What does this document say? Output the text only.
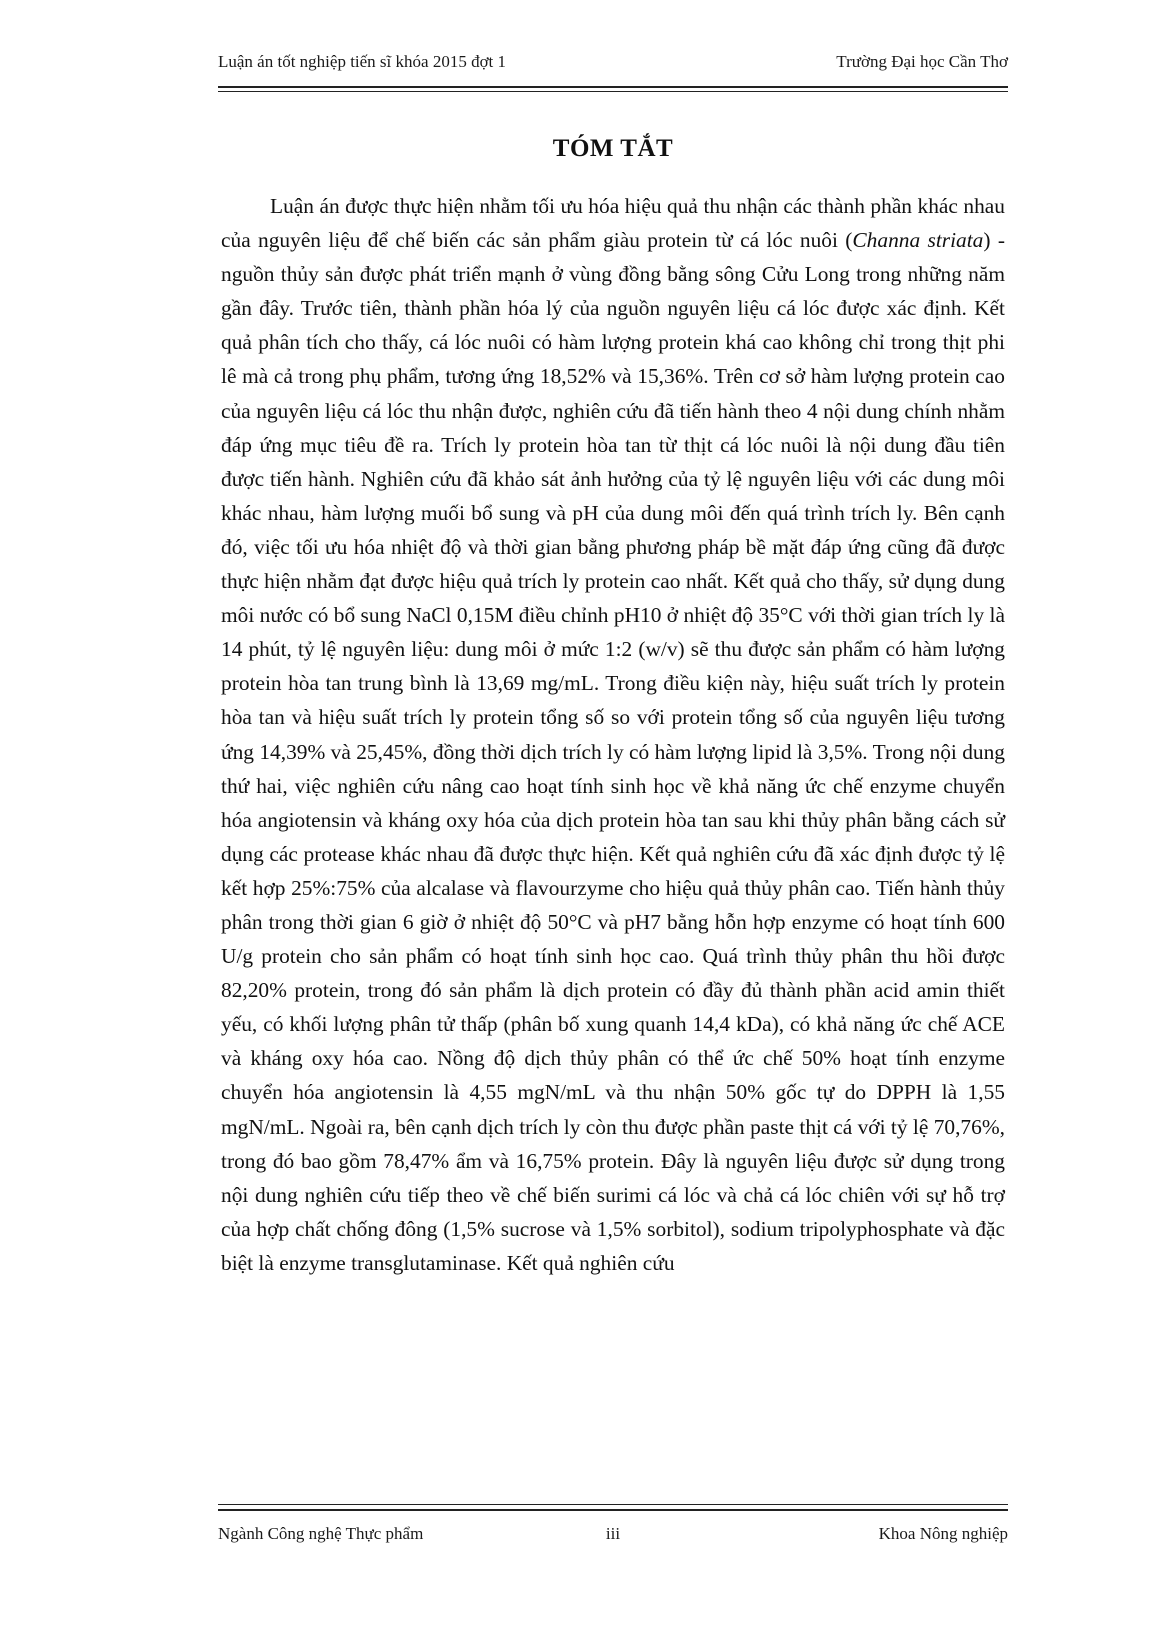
Luận án tốt nghiệp tiến sĩ khóa 2015 đợt 1	Trường Đại học Cần Thơ
TÓM TẮT

Luận án được thực hiện nhằm tối ưu hóa hiệu quả thu nhận các thành phần khác nhau của nguyên liệu để chế biến các sản phẩm giàu protein từ cá lóc nuôi (Channa striata) - nguồn thủy sản được phát triển mạnh ở vùng đồng bằng sông Cửu Long trong những năm gần đây. Trước tiên, thành phần hóa lý của nguồn nguyên liệu cá lóc được xác định. Kết quả phân tích cho thấy, cá lóc nuôi có hàm lượng protein khá cao không chỉ trong thịt phi lê mà cả trong phụ phẩm, tương ứng 18,52% và 15,36%. Trên cơ sở hàm lượng protein cao của nguyên liệu cá lóc thu nhận được, nghiên cứu đã tiến hành theo 4 nội dung chính nhằm đáp ứng mục tiêu đề ra. Trích ly protein hòa tan từ thịt cá lóc nuôi là nội dung đầu tiên được tiến hành. Nghiên cứu đã khảo sát ảnh hưởng của tỷ lệ nguyên liệu với các dung môi khác nhau, hàm lượng muối bổ sung và pH của dung môi đến quá trình trích ly. Bên cạnh đó, việc tối ưu hóa nhiệt độ và thời gian bằng phương pháp bề mặt đáp ứng cũng đã được thực hiện nhằm đạt được hiệu quả trích ly protein cao nhất. Kết quả cho thấy, sử dụng dung môi nước có bổ sung NaCl 0,15M điều chỉnh pH10 ở nhiệt độ 35°C với thời gian trích ly là 14 phút, tỷ lệ nguyên liệu: dung môi ở mức 1:2 (w/v) sẽ thu được sản phẩm có hàm lượng protein hòa tan trung bình là 13,69 mg/mL. Trong điều kiện này, hiệu suất trích ly protein hòa tan và hiệu suất trích ly protein tổng số so với protein tổng số của nguyên liệu tương ứng 14,39% và 25,45%, đồng thời dịch trích ly có hàm lượng lipid là 3,5%. Trong nội dung thứ hai, việc nghiên cứu nâng cao hoạt tính sinh học về khả năng ức chế enzyme chuyển hóa angiotensin và kháng oxy hóa của dịch protein hòa tan sau khi thủy phân bằng cách sử dụng các protease khác nhau đã được thực hiện. Kết quả nghiên cứu đã xác định được tỷ lệ kết hợp 25%:75% của alcalase và flavourzyme cho hiệu quả thủy phân cao. Tiến hành thủy phân trong thời gian 6 giờ ở nhiệt độ 50°C và pH7 bằng hỗn hợp enzyme có hoạt tính 600 U/g protein cho sản phẩm có hoạt tính sinh học cao. Quá trình thủy phân thu hồi được 82,20% protein, trong đó sản phẩm là dịch protein có đầy đủ thành phần acid amin thiết yếu, có khối lượng phân tử thấp (phân bố xung quanh 14,4 kDa), có khả năng ức chế ACE và kháng oxy hóa cao. Nồng độ dịch thủy phân có thể ức chế 50% hoạt tính enzyme chuyển hóa angiotensin là 4,55 mgN/mL và thu nhận 50% gốc tự do DPPH là 1,55 mgN/mL. Ngoài ra, bên cạnh dịch trích ly còn thu được phần paste thịt cá với tỷ lệ 70,76%, trong đó bao gồm 78,47% ẩm và 16,75% protein. Đây là nguyên liệu được sử dụng trong nội dung nghiên cứu tiếp theo về chế biến surimi cá lóc và chả cá lóc chiên với sự hỗ trợ của hợp chất chống đông (1,5% sucrose và 1,5% sorbitol), sodium tripolyphosphate và đặc biệt là enzyme transglutaminase. Kết quả nghiên cứu

Ngành Công nghệ Thực phẩm	iii	Khoa Nông nghiệp
